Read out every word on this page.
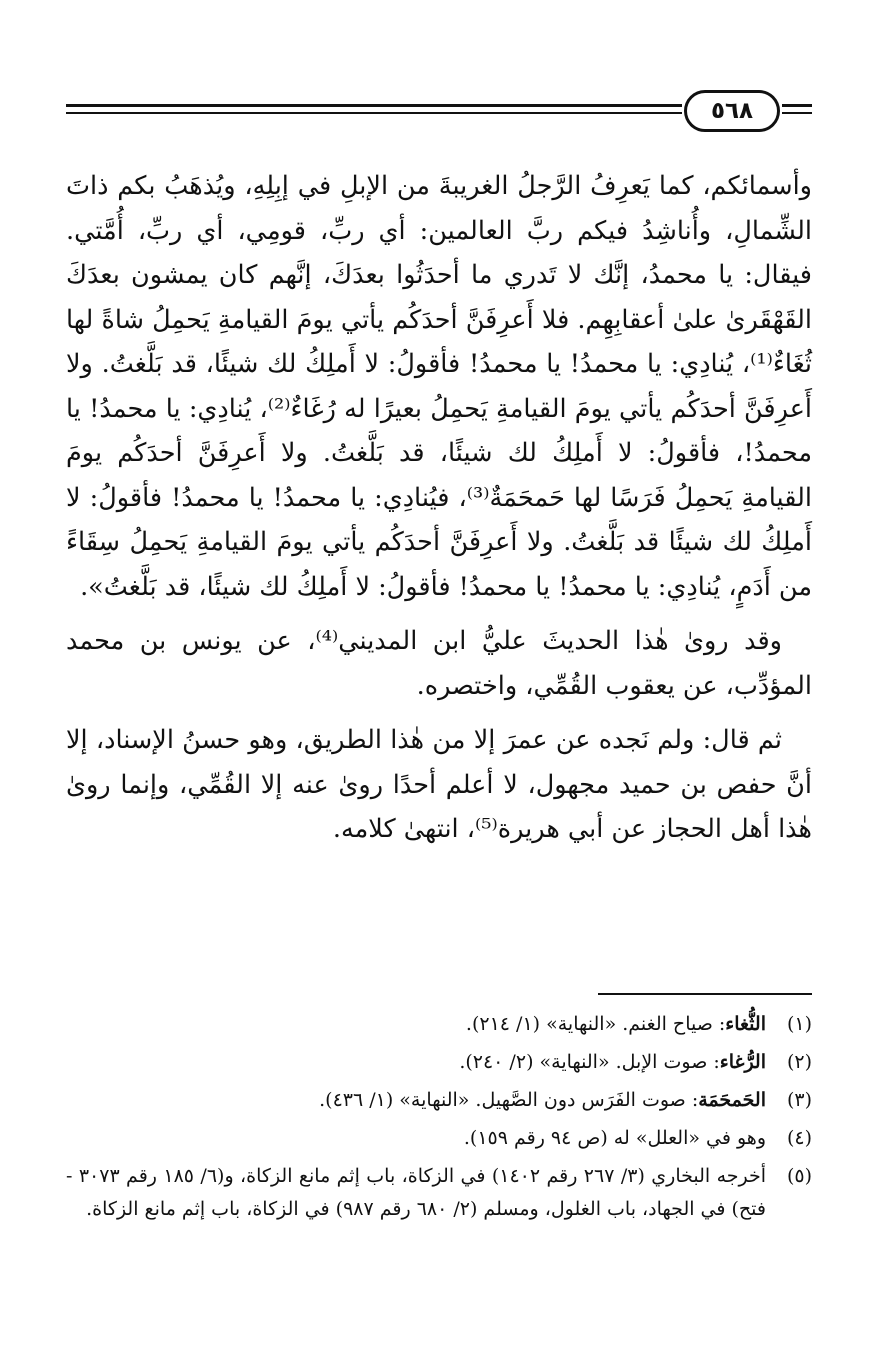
٥٦٨

وأسمائكم، كما يَعرِفُ الرَّجلُ الغريبةَ من الإبلِ في إبِلِهِ، ويُذهَبُ بكم ذاتَ الشِّمالِ، وأُناشِدُ فيكم ربَّ العالمين: أي ربِّ، قومِي، أي ربِّ، أُمَّتي. فيقال: يا محمدُ، إنَّك لا تَدري ما أحدَثُوا بعدَكَ، إنَّهم كان يمشون بعدَكَ القَهْقَرىٰ علىٰ أعقابِهِم. فلا أَعرِفَنَّ أحدَكُم يأتي يومَ القيامةِ يَحمِلُ شاةً لها ثُغَاءٌ⁽¹⁾، يُنادِي: يا محمدُ! يا محمدُ! فأقولُ: لا أَملِكُ لك شيئًا، قد بَلَّغتُ. ولا أَعرِفَنَّ أحدَكُم يأتي يومَ القيامةِ يَحمِلُ بعيرًا له رُغَاءٌ⁽²⁾، يُنادِي: يا محمدُ! يا محمدُ!، فأقولُ: لا أَملِكُ لك شيئًا، قد بَلَّغتُ. ولا أَعرِفَنَّ أحدَكُم يومَ القيامةِ يَحمِلُ فَرَسًا لها حَمحَمَةٌ⁽³⁾، فيُنادِي: يا محمدُ! يا محمدُ! فأقولُ: لا أَملِكُ لك شيئًا قد بَلَّغتُ. ولا أَعرِفَنَّ أحدَكُم يأتي يومَ القيامةِ يَحمِلُ سِقَاءً من أَدَمٍ، يُنادِي: يا محمدُ! يا محمدُ! فأقولُ: لا أَملِكُ لك شيئًا، قد بَلَّغتُ».

وقد روىٰ هٰذا الحديثَ عليُّ ابن المديني⁽⁴⁾، عن يونس بن محمد المؤدِّب، عن يعقوب القُمِّي، واختصره.

ثم قال: ولم نَجده عن عمرَ إلا من هٰذا الطريق، وهو حسنُ الإسناد، إلا أنَّ حفص بن حميد مجهول، لا أعلم أحدًا روىٰ عنه إلا القُمِّي، وإنما روىٰ هٰذا أهل الحجاز عن أبي هريرة⁽⁵⁾، انتهىٰ كلامه.

(١)
الثُّغاء: صياح الغنم. «النهاية» (١/ ٢١٤).
(٢)
الرُّغاء: صوت الإبل. «النهاية» (٢/ ٢٤٠).
(٣)
الحَمحَمَة: صوت الفَرَس دون الصَّهيل. «النهاية» (١/ ٤٣٦).
(٤)
وهو في «العلل» له (ص ٩٤ رقم ١٥٩).
(٥)
أخرجه البخاري (٣/ ٢٦٧ رقم ١٤٠٢) في الزكاة، باب إثم مانع الزكاة، و(٦/ ١٨٥ رقم ٣٠٧٣ - فتح) في الجهاد، باب الغلول، ومسلم (٢/ ٦٨٠ رقم ٩٨٧) في الزكاة، باب إثم مانع الزكاة.
